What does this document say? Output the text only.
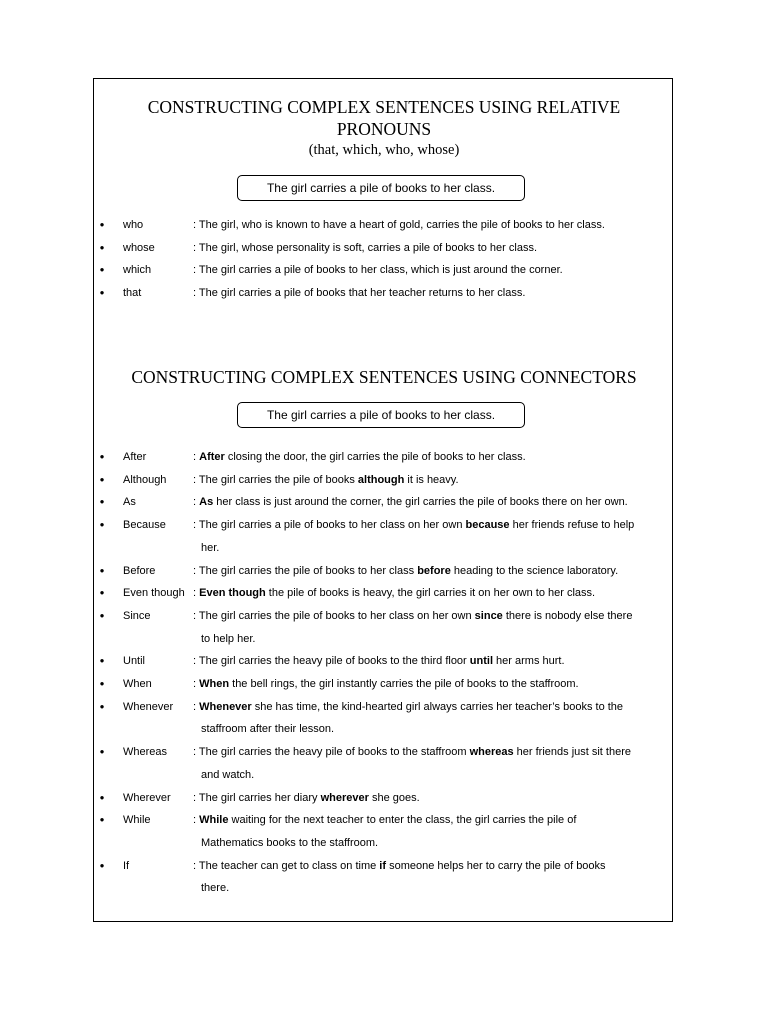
CONSTRUCTING COMPLEX SENTENCES USING RELATIVE

PRONOUNS

(that, which, who, whose)

The girl carries a pile of books to her class.
● who	: The girl, who is known to have a heart of gold, carries the pile of books to her class.
● whose	: The girl, whose personality is soft, carries a pile of books to her class.
● which	: The girl carries a pile of books to her class, which is just around the corner.
● that	: The girl carries a pile of books that her teacher returns to her class.

CONSTRUCTING COMPLEX SENTENCES USING CONNECTORS

The girl carries a pile of books to her class.
● After	: After closing the door, the girl carries the pile of books to her class.
● Although : The girl carries the pile of books although it is heavy.
● As	: As her class is just around the corner, the girl carries the pile of books there on her own.
● Because : The girl carries a pile of books to her class on her own because her friends refuse to help
her.
● Before	: The girl carries the pile of books to her class before heading to the science laboratory.
● Even though : Even though the pile of books is heavy, the girl carries it on her own to her class.
● Since	: The girl carries the pile of books to her class on her own since there is nobody else there
to help her.
● Until	: The girl carries the heavy pile of books to the third floor until her arms hurt.
● When	: When the bell rings, the girl instantly carries the pile of books to the staffroom.
● Whenever : Whenever she has time, the kind-hearted girl always carries her teacher’s books to the
staffroom after their lesson.
● Whereas : The girl carries the heavy pile of books to the staffroom whereas her friends just sit there
and watch.
● Wherever : The girl carries her diary wherever she goes.
● While	: While waiting for the next teacher to enter the class, the girl carries the pile of
Mathematics books to the staffroom.
● If	: The teacher can get to class on time if someone helps her to carry the pile of books
there.
